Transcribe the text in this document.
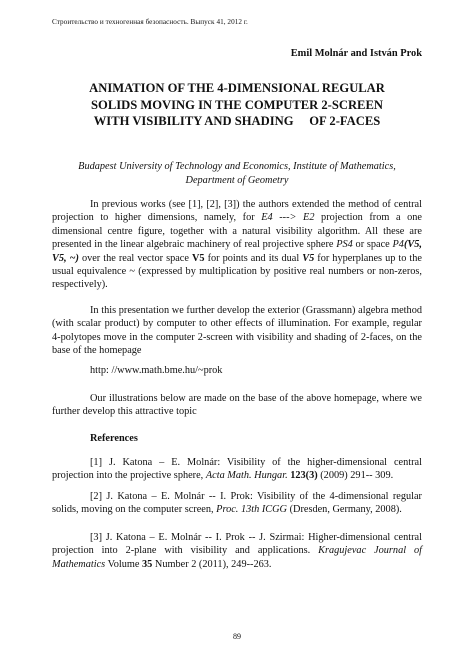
Строительство и техногенная безопасность. Выпуск 41, 2012 г.
Emil Molnár and István Prok
ANIMATION OF THE 4-DIMENSIONAL REGULAR
SOLIDS MOVING IN THE COMPUTER 2-SCREEN
WITH VISIBILITY AND SHADING OF 2-FACES
Budapest University of Technology and Economics, Institute of Mathematics,
Department of Geometry

In previous works (see [1], [2], [3]) the authors extended the method of central projection to higher dimensions, namely, for E4 ---> E2 projection from a one dimensional centre figure, together with a natural visibility algorithm. All these are presented in the linear algebraic machinery of real projective sphere PS4 or space P4(V5, V5, ~) over the real vector space V5 for points and its dual V5 for hyperplanes up to the usual equivalence ~ (expressed by multiplication by positive real numbers or non-zeros, respectively).

In this presentation we further develop the exterior (Grassmann) algebra method (with scalar product) by computer to other effects of illumination. For example, regular 4-polytopes move in the computer 2-screen with visibility and shading of 2-faces, on the base of the homepage

http: //www.math.bme.hu/~prok

Our illustrations below are made on the base of the above homepage, where we further develop this attractive topic

References

[1] J. Katona – E. Molnár: Visibility of the higher-dimensional central projection into the projective sphere, Acta Math. Hungar. 123(3) (2009) 291-- 309.

[2] J. Katona – E. Molnár -- I. Prok: Visibility of the 4-dimensional regular solids, moving on the computer screen, Proc. 13th ICGG (Dresden, Germany, 2008).

[3] J. Katona – E. Molnár -- I. Prok -- J. Szirmai: Higher-dimensional central projection into 2-plane with visibility and applications. Kragujevac Journal of Mathematics Volume 35 Number 2 (2011), 249--263.

89
